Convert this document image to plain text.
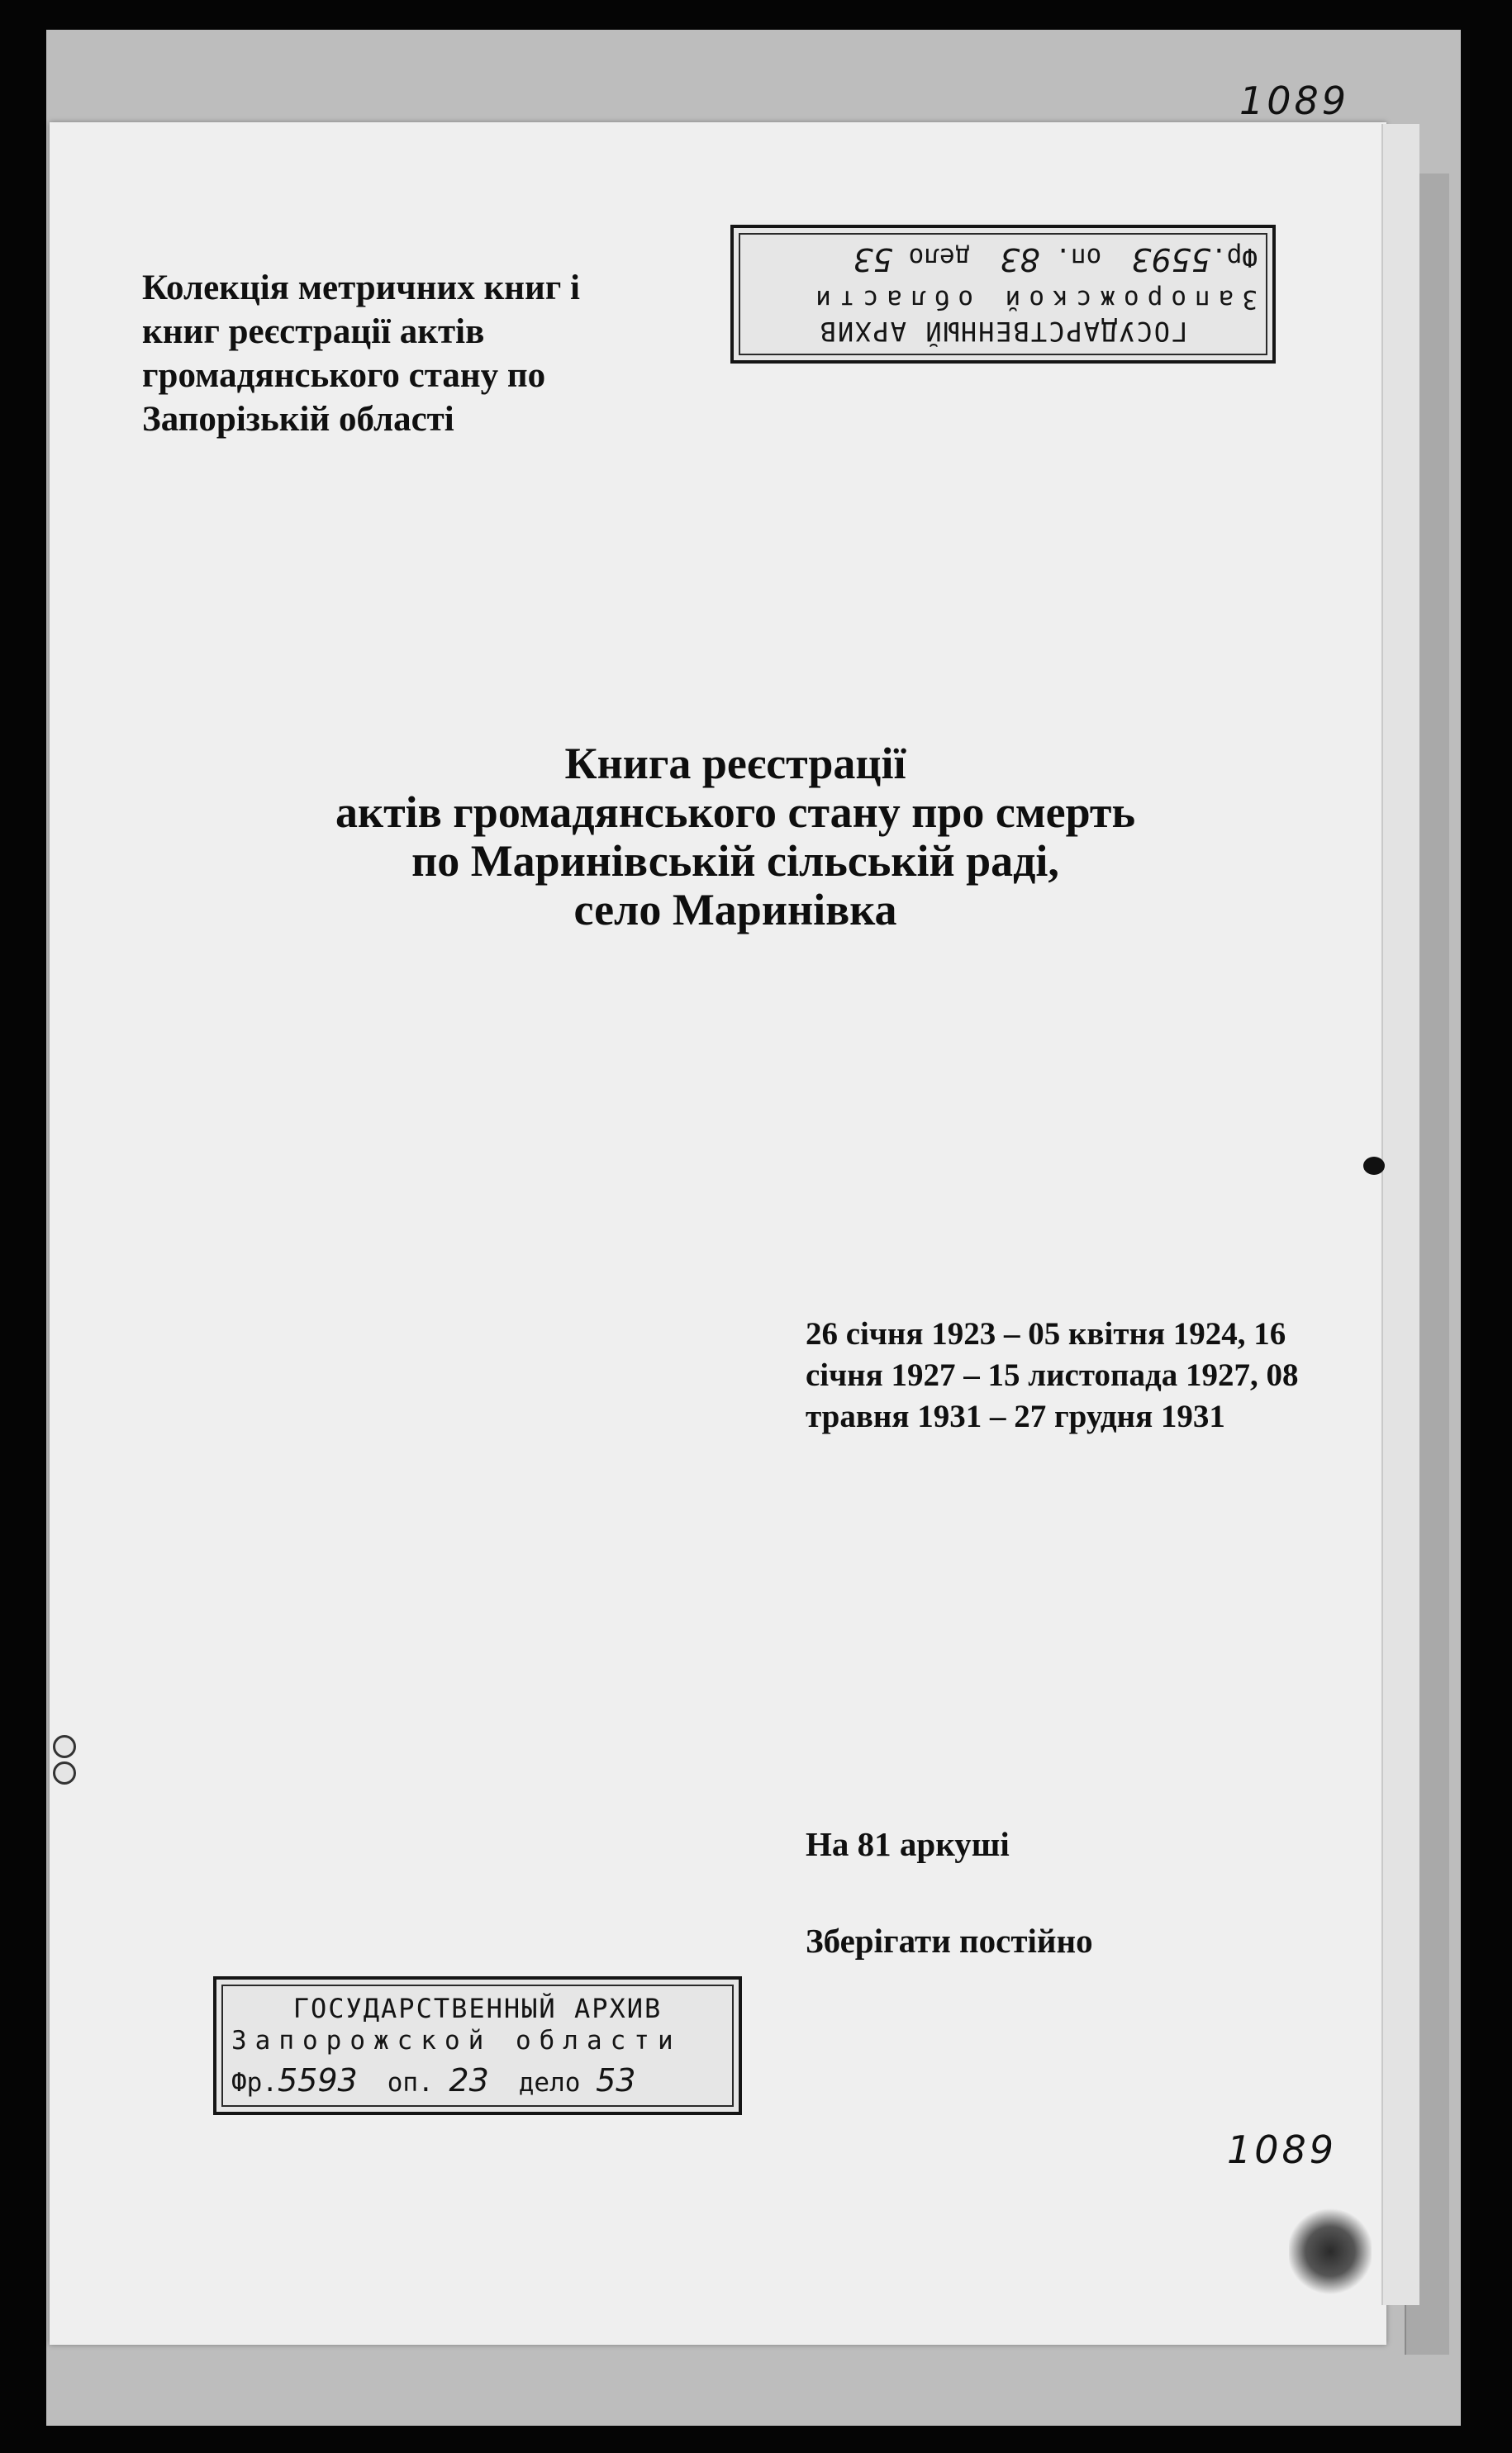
1089
ГОСУДАРСТВЕННЫЙ АРХИВ
Запорожской области
Фр.5593оп. 83дело 53
Колекція метричних книг і
книг реєстрації актів
громадянського стану по
Запорізькій області
Книга реєстрації
актів громадянського стану про смерть
по Маринівській сільській раді,
село Маринівка
26 січня 1923 – 05 квітня 1924, 16
січня 1927 – 15 листопада 1927, 08
травня 1931 – 27 грудня 1931
На 81 аркуші
Зберігати постійно
ГОСУДАРСТВЕННЫЙ АРХИВ
Запорожской области
Фр.5593 оп. 23 дело 53
1089
